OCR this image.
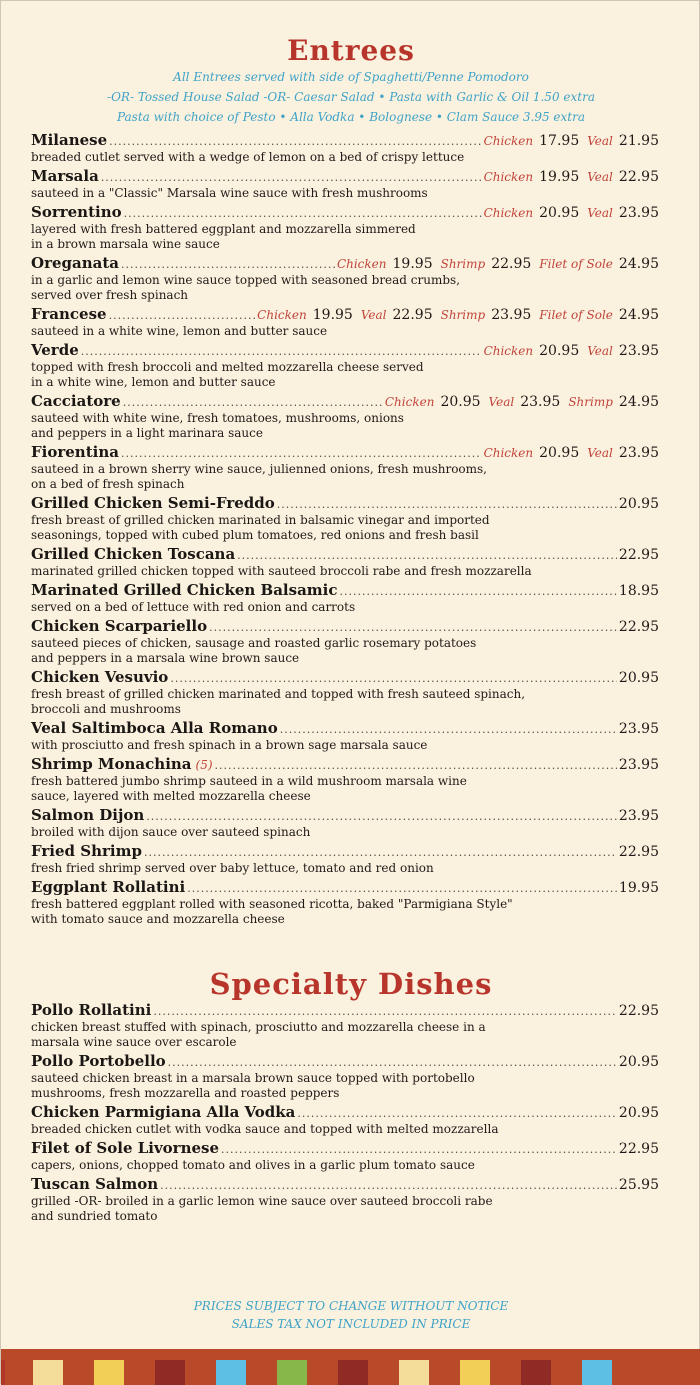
Entrees
All Entrees served with side of Spaghetti/Penne Pomodoro
-OR- Tossed House Salad -OR- Caesar Salad • Pasta with Garlic & Oil 1.50 extra
Pasta with choice of Pesto • Alla Vodka • Bolognese • Clam Sauce 3.95 extra
Milanese .....	Chicken 17.95 Veal 21.95
breaded cutlet served with a wedge of lemon on a bed of crispy lettuce
Marsala .....	Chicken 19.95 Veal 22.95
sauteed in a "Classic" Marsala wine sauce with fresh mushrooms
Sorrentino .....	Chicken 20.95 Veal 23.95
layered with fresh battered eggplant and mozzarella simmered
in a brown marsala wine sauce
Oreganata .....	Chicken 19.95 Shrimp 22.95 Filet of Sole 24.95
in a garlic and lemon wine sauce topped with seasoned bread crumbs,
served over fresh spinach
Francese .....	Chicken 19.95 Veal 22.95 Shrimp 23.95 Filet of Sole 24.95
sauteed in a white wine, lemon and butter sauce
Verde .....	Chicken 20.95 Veal 23.95
topped with fresh broccoli and melted mozzarella cheese served
in a white wine, lemon and butter sauce
Cacciatore .....	Chicken 20.95 Veal 23.95 Shrimp 24.95
sauteed with white wine, fresh tomatoes, mushrooms, onions
and peppers in a light marinara sauce
Fiorentina .....	Chicken 20.95 Veal 23.95
sauteed in a brown sherry wine sauce, julienned onions, fresh mushrooms,
on a bed of fresh spinach
Grilled Chicken Semi-Freddo .....	20.95
fresh breast of grilled chicken marinated in balsamic vinegar and imported
seasonings, topped with cubed plum tomatoes, red onions and fresh basil
Grilled Chicken Toscana .....	22.95
marinated grilled chicken topped with sauteed broccoli rabe and fresh mozzarella
Marinated Grilled Chicken Balsamic .....	18.95
served on a bed of lettuce with red onion and carrots
Chicken Scarpariello .....	22.95
sauteed pieces of chicken, sausage and roasted garlic rosemary potatoes
and peppers in a marsala wine brown sauce
Chicken Vesuvio .....	20.95
fresh breast of grilled chicken marinated and topped with fresh sauteed spinach,
broccoli and mushrooms
Veal Saltimboca Alla Romano .....	23.95
with prosciutto and fresh spinach in a brown sage marsala sauce
Shrimp Monachina (5) .....	23.95
fresh battered jumbo shrimp sauteed in a wild mushroom marsala wine
sauce, layered with melted mozzarella cheese
Salmon Dijon .....	23.95
broiled with dijon sauce over sauteed spinach
Fried Shrimp .....	22.95
fresh fried shrimp served over baby lettuce, tomato and red onion
Eggplant Rollatini .....	19.95
fresh battered eggplant rolled with seasoned ricotta, baked "Parmigiana Style"
with tomato sauce and mozzarella cheese
Specialty Dishes
Pollo Rollatini .....	22.95
chicken breast stuffed with spinach, prosciutto and mozzarella cheese in a
marsala wine sauce over escarole
Pollo Portobello .....	20.95
sauteed chicken breast in a marsala brown sauce topped with portobello
mushrooms, fresh mozzarella and roasted peppers
Chicken Parmigiana Alla Vodka .....	20.95
breaded chicken cutlet with vodka sauce and topped with melted mozzarella
Filet of Sole Livornese .....	22.95
capers, onions, chopped tomato and olives in a garlic plum tomato sauce
Tuscan Salmon .....	25.95
grilled -OR- broiled in a garlic lemon wine sauce over sauteed broccoli rabe
and sundried tomato
PRICES SUBJECT TO CHANGE WITHOUT NOTICE
SALES TAX NOT INCLUDED IN PRICE
